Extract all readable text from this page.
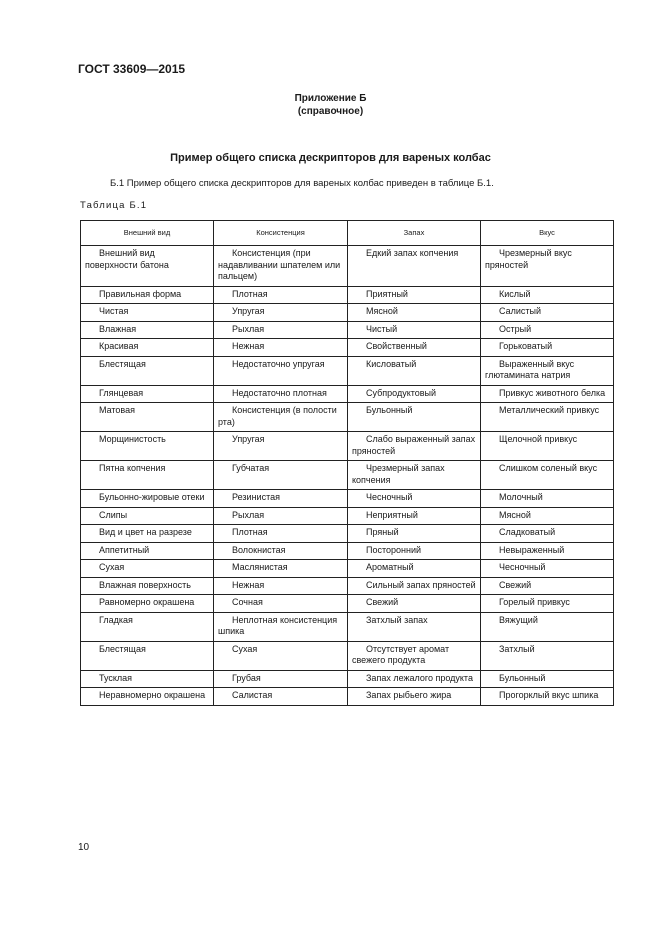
ГОСТ 33609—2015
Приложение Б
(справочное)
Пример общего списка дескрипторов для вареных колбас
Б.1 Пример общего списка дескрипторов для вареных колбас приведен в таблице Б.1.
Таблица Б.1
Внешний вид	Консистенция	Запах	Вкус

Внешний вид поверхности батона	Консистенция (при надавливании шпателем или пальцем)	Едкий запах копчения	Чрезмерный вкус пряностей

Правильная форма	Плотная	Приятный	Кислый

Чистая	Упругая	Мясной	Салистый

Влажная	Рыхлая	Чистый	Острый

Красивая	Нежная	Свойственный	Горьковатый

Блестящая	Недостаточно упругая	Кисловатый	Выраженный вкус глютамината натрия

Глянцевая	Недостаточно плотная	Субпродуктовый	Привкус животного белка

Матовая	Консистенция (в полости рта)	Бульонный	Металлический привкус

Морщинистость	Упругая	Слабо выраженный запах пряностей	Щелочной привкус

Пятна копчения	Губчатая	Чрезмерный запах копчения	Слишком соленый вкус

Бульонно-жировые отеки	Резинистая	Чесночный	Молочный

Слипы	Рыхлая	Неприятный	Мясной

Вид и цвет на разрезе	Плотная	Пряный	Сладковатый

Аппетитный	Волокнистая	Посторонний	Невыраженный

Сухая	Маслянистая	Ароматный	Чесночный

Влажная поверхность	Нежная	Сильный запах пряностей	Свежий

Равномерно окрашена	Сочная	Свежий	Горелый привкус

Гладкая	Неплотная консистенция шпика	Затхлый запах	Вяжущий

Блестящая	Сухая	Отсутствует аромат свежего продукта	Затхлый

Тусклая	Грубая	Запах лежалого продукта	Бульонный

Неравномерно окрашена	Салистая	Запах рыбьего жира	Прогорклый вкус шпика
10
